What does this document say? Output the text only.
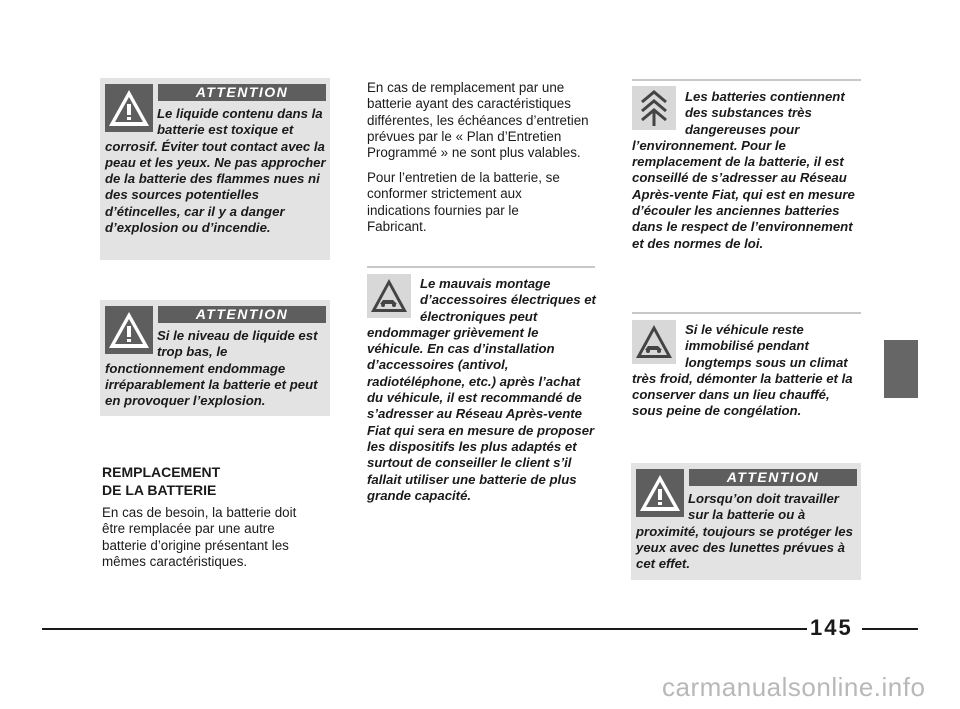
ATTENTION
Le liquide contenu dans la batterie est toxique et corrosif. Éviter tout contact avec la peau et les yeux. Ne pas approcher de la batterie des flammes nues ni des sources potentielles d’étincelles, car il y a danger d’explosion ou d’incendie.
ATTENTION
Si le niveau de liquide est trop bas, le fonctionnement endommage irréparablement la batterie et peut en provoquer l’explosion.
REMPLACEMENT
DE LA BATTERIE

En cas de besoin, la batterie doit être remplacée par une autre batterie d’origine présentant les mêmes caractéristiques.

En cas de remplacement par une batterie ayant des caractéristiques différentes, les échéances d’entretien prévues par le « Plan d’Entretien Programmé » ne sont plus valables.

Pour l’entretien de la batterie, se conformer strictement aux indications fournies par le Fabricant.

Le mauvais montage d’accessoires électriques et électroniques peut endommager grièvement le véhicule. En cas d’installation d’accessoires (antivol, radiotéléphone, etc.) après l’achat du véhicule, il est recommandé de s’adresser au Réseau Après-vente Fiat qui sera en mesure de proposer les dispositifs les plus adaptés et surtout de conseiller le client s’il fallait utiliser une batterie de plus grande capacité.
Les batteries contiennent des substances très dangereuses pour l’environnement. Pour le remplacement de la batterie, il est conseillé de s’adresser au Réseau Après-vente Fiat, qui est en mesure d’écouler les anciennes batteries dans le respect de l’environnement et des normes de loi.
Si le véhicule reste immobilisé pendant longtemps sous un climat très froid, démonter la batterie et la conserver dans un lieu chauffé, sous peine de congélation.
ATTENTION
Lorsqu’on doit travailler sur la batterie ou à proximité, toujours se protéger les yeux avec des lunettes prévues à cet effet.
145
carmanualsonline.info
